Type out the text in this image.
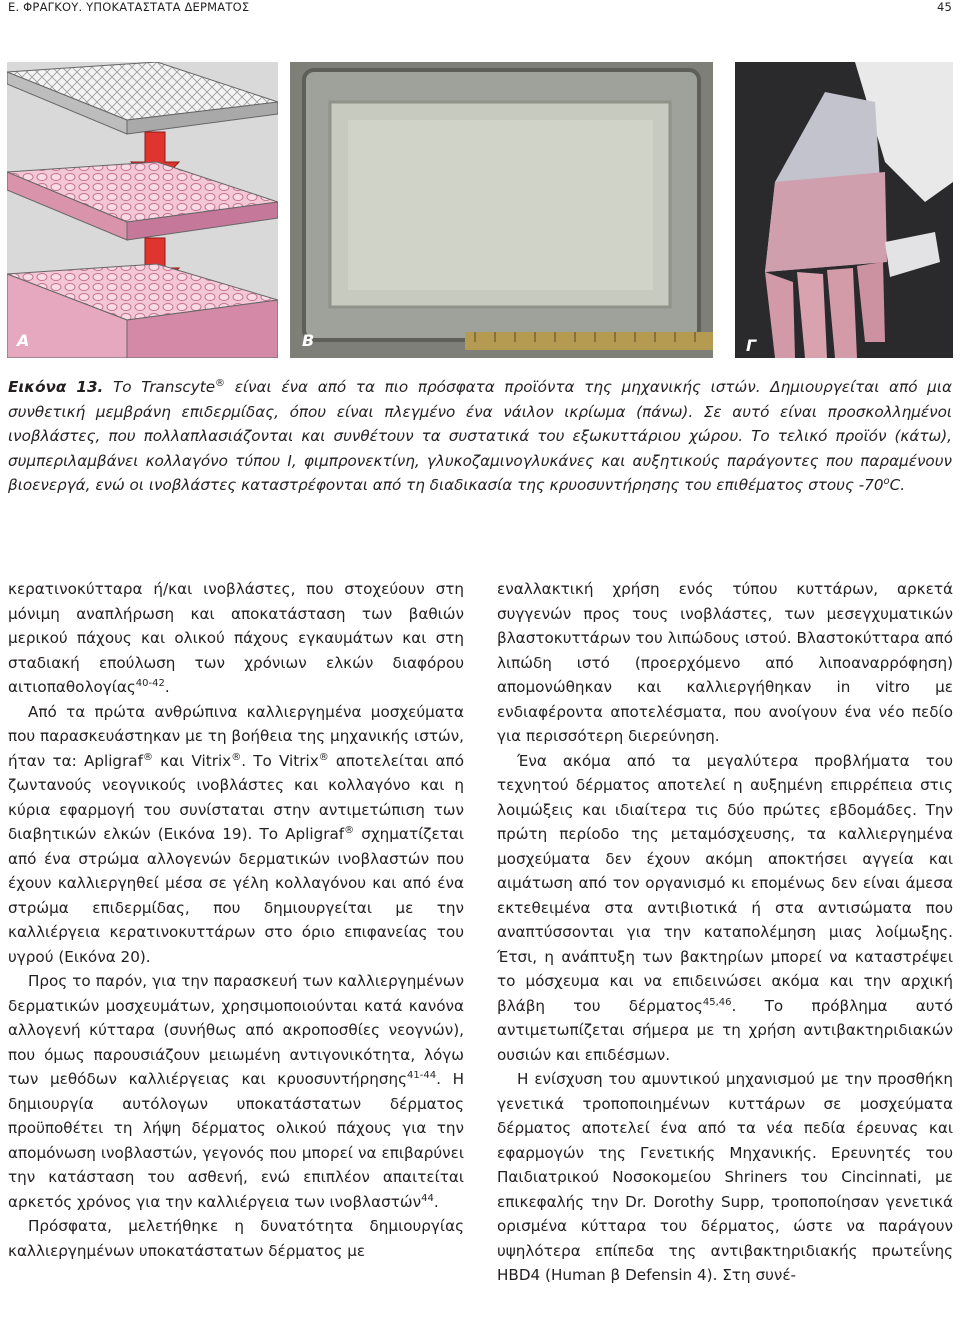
Ε. ΦΡΑΓΚΟΥ. ΥΠΟΚΑΤΑΣΤΑΤΑ ΔΕΡΜΑΤΟΣ	45
Α	Β	Γ
Εικόνα 13. Το Transcyte® είναι ένα από τα πιο πρόσφατα προϊόντα της μηχανικής ιστών. Δημιουργείται από μια συνθετική μεμβράνη επιδερμίδας, όπου είναι πλεγμένο ένα νάιλον ικρίωμα (πάνω). Σε αυτό είναι προσκολλημένοι ινοβλάστες, που πολλαπλασιάζονται και συνθέτουν τα συστατικά του εξωκυττάριου χώρου. Το τελικό προϊόν (κάτω), συμπεριλαμβάνει κολλαγόνο τύπου Ι, φιμπρονεκτίνη, γλυκοζαμινογλυκάνες και αυξητικούς παράγοντες που παραμένουν βιοενεργά, ενώ οι ινοβλάστες καταστρέφονται από τη διαδικασία της κρυοσυντήρησης του επιθέματος στους $-70^oC$.

κερατινοκύτταρα ή/και ινοβλάστες, που στοχεύουν στη μόνιμη αναπλήρωση και αποκατάσταση των βαθιών μερικού πάχους και ολικού πάχους εγκαυμάτων και στη σταδιακή επούλωση των χρόνιων ελκών διαφόρου αιτιοπαθολογίας$^{40-42}$.

Από τα πρώτα ανθρώπινα καλλιεργημένα μοσχεύματα που παρασκευάστηκαν με τη βοήθεια της μηχανικής ιστών, ήταν τα: Apligraf® και Vitrix®. Το Vitrix® αποτελείται από ζωντανούς νεογνικούς ινοβλάστες και κολλαγόνο και η κύρια εφαρμογή του συνίσταται στην αντιμετώπιση των διαβητικών ελκών (Εικόνα 19). Το Apligraf® σχηματίζεται από ένα στρώμα αλλογενών δερματικών ινοβλαστών που έχουν καλλιεργηθεί μέσα σε γέλη κολλαγόνου και από ένα στρώμα επιδερμίδας, που δημιουργείται με την καλλιέργεια κερατινοκυττάρων στο όριο επιφανείας του υγρού (Εικόνα 20).

Προς το παρόν, για την παρασκευή των καλλιεργημένων δερματικών μοσχευμάτων, χρησιμοποιούνται κατά κανόνα αλλογενή κύτταρα (συνήθως από ακροποσθίες νεογνών), που όμως παρουσιάζουν μειωμένη αντιγονικότητα, λόγω των μεθόδων καλλιέργειας και κρυοσυντήρησης$^{41-44}$. Η δημιουργία αυτόλογων υποκατάστατων δέρματος προϋποθέτει τη λήψη δέρματος ολικού πάχους για την απομόνωση ινοβλαστών, γεγονός που μπορεί να επιβαρύνει την κατάσταση του ασθενή, ενώ επιπλέον απαιτείται αρκετός χρόνος για την καλλιέργεια των ινοβλαστών$^{44}$.

Πρόσφατα, μελετήθηκε η δυνατότητα δημιουργίας καλλιεργημένων υποκατάστατων δέρματος με

εναλλακτική χρήση ενός τύπου κυττάρων, αρκετά συγγενών προς τους ινοβλάστες, των μεσεγχυματικών βλαστοκυττάρων του λιπώδους ιστού. Βλαστοκύτταρα από λιπώδη ιστό (προερχόμενο από λιποαναρρόφηση) απομονώθηκαν και καλλιεργήθηκαν in vitro με ενδιαφέροντα αποτελέσματα, που ανοίγουν ένα νέο πεδίο για περισσότερη διερεύνηση.

Ένα ακόμα από τα μεγαλύτερα προβλήματα του τεχνητού δέρματος αποτελεί η αυξημένη επιρρέπεια στις λοιμώξεις και ιδιαίτερα τις δύο πρώτες εβδομάδες. Την πρώτη περίοδο της μεταμόσχευσης, τα καλλιεργημένα μοσχεύματα δεν έχουν ακόμη αποκτήσει αγγεία και αιμάτωση από τον οργανισμό κι επομένως δεν είναι άμεσα εκτεθειμένα στα αντιβιοτικά ή στα αντισώματα που αναπτύσσονται για την καταπολέμηση μιας λοίμωξης. Έτσι, η ανάπτυξη των βακτηρίων μπορεί να καταστρέψει το μόσχευμα και να επιδεινώσει ακόμα και την αρχική βλάβη του δέρματος$^{45,46}$. Το πρόβλημα αυτό αντιμετωπίζεται σήμερα με τη χρήση αντιβακτηριδιακών ουσιών και επιδέσμων.

Η ενίσχυση του αμυντικού μηχανισμού με την προσθήκη γενετικά τροποποιημένων κυττάρων σε μοσχεύματα δέρματος αποτελεί ένα από τα νέα πεδία έρευνας και εφαρμογών της Γενετικής Μηχανικής. Ερευνητές του Παιδιατρικού Νοσοκομείου Shriners του Cincinnati, με επικεφαλής την Dr. Dorothy Supp, τροποποίησαν γενετικά ορισμένα κύτταρα του δέρματος, ώστε να παράγουν υψηλότερα επίπεδα της αντιβακτηριδιακής πρωτεΐνης HBD4 (Human β Defensin 4). Στη συνέ-
